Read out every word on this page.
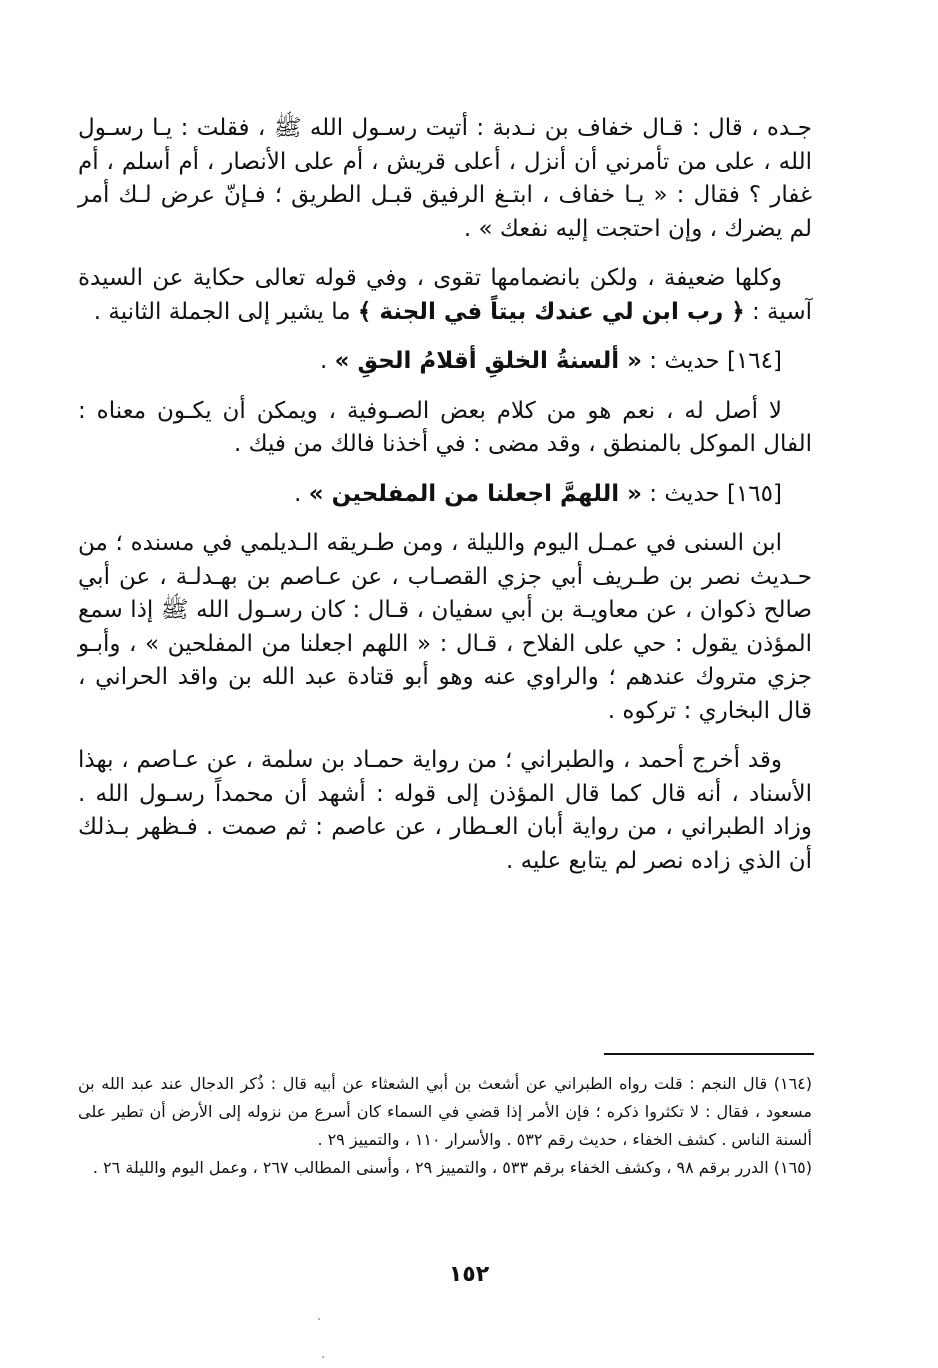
جـده ، قال : قـال خفاف بن نـدبة : أتيت رسـول الله ﷺ ، فقلت : يـا رسـول الله ، على من تأمرني أن أنزل ، أعلى قريش ، أم على الأنصار ، أم أسلم ، أم غفار ؟ فقال : « يـا خفاف ، ابتـغ الرفيق قبـل الطريق ؛ فـإنّ عرض لـك أمر لم يضرك ، وإن احتجت إليه نفعك » .

وكلها ضعيفة ، ولكن بانضمامها تقوى ، وفي قوله تعالى حكاية عن السيدة آسية : ﴿ رب ابن لي عندك بيتاً في الجنة ﴾ ما يشير إلى الجملة الثانية .

[١٦٤] حديث : « ألسنةُ الخلقِ أقلامُ الحقِ » .

لا أصل له ، نعم هو من كلام بعض الصـوفية ، ويمكن أن يكـون معناه : الفال الموكل بالمنطق ، وقد مضى : في أخذنا فالك من فيك .

[١٦٥] حديث : « اللهمَّ اجعلنا من المفلحين » .

ابن السنى في عمـل اليوم والليلة ، ومن طـريقه الـديلمي في مسنده ؛ من حـديث نصر بن طـريف أبي جزي القصـاب ، عن عـاصم بن بهـدلـة ، عن أبي صالح ذكوان ، عن معاويـة بن أبي سفيان ، قـال : كان رسـول الله ﷺ إذا سمع المؤذن يقول : حي على الفلاح ، قـال : « اللهم اجعلنا من المفلحين » ، وأبـو جزي متروك عندهم ؛ والراوي عنه وهو أبو قتادة عبد الله بن واقد الحراني ، قال البخاري : تركوه .

وقد أخرج أحمد ، والطبراني ؛ من رواية حمـاد بن سلمة ، عن عـاصم ، بهذا الأسناد ، أنه قال كما قال المؤذن إلى قوله : أشهد أن محمداً رسـول الله . وزاد الطبراني ، من رواية أبان العـطار ، عن عاصم : ثم صمت . فـظهر بـذلك أن الذي زاده نصر لم يتابع عليه .

(١٦٤) قال النجم : قلت رواه الطبراني عن أشعث بن أبي الشعثاء عن أبيه قال : ذُكر الدجال عند عبد الله بن مسعود ، فقال : لا تكثروا ذكره ؛ فإن الأمر إذا قضي في السماء كان أسرع من نزوله إلى الأرض أن تطير على ألسنة الناس . كشف الخفاء ، حديث رقم ٥٣٢ . والأسرار ١١٠ ، والتمييز ٢٩ .

(١٦٥) الدرر برقم ٩٨ ، وكشف الخفاء برقم ٥٣٣ ، والتمييز ٢٩ ، وأسنى المطالب ٢٦٧ ، وعمل اليوم والليلة ٢٦ .

١٥٢
